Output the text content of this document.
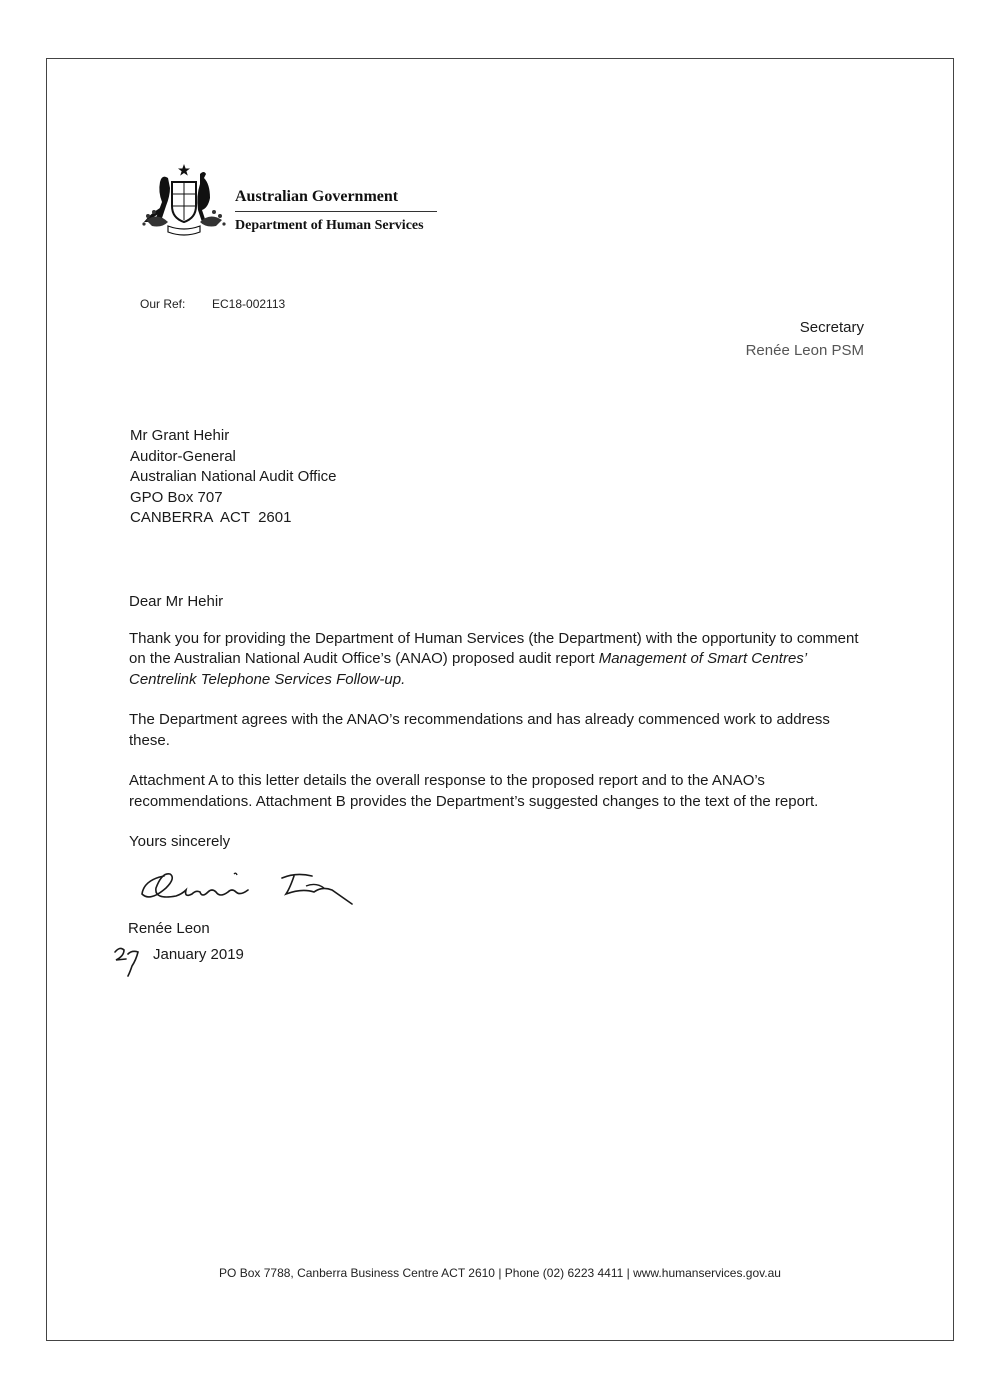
Australian Government
Department of Human Services
Our Ref: EC18-002113
Secretary
Renée Leon PSM
Mr Grant Hehir
Auditor-General
Australian National Audit Office
GPO Box 707
CANBERRA  ACT  2601

Dear Mr Hehir

Thank you for providing the Department of Human Services (the Department) with the opportunity to comment on the Australian National Audit Office’s (ANAO) proposed audit report Management of Smart Centres’ Centrelink Telephone Services Follow-up.

The Department agrees with the ANAO’s recommendations and has already commenced work to address these.

Attachment A to this letter details the overall response to the proposed report and to the ANAO’s recommendations. Attachment B provides the Department’s suggested changes to the text of the report.

Yours sincerely

Renée Leon
January 2019
PO Box 7788, Canberra Business Centre ACT 2610 | Phone (02) 6223 4411 | www.humanservices.gov.au
